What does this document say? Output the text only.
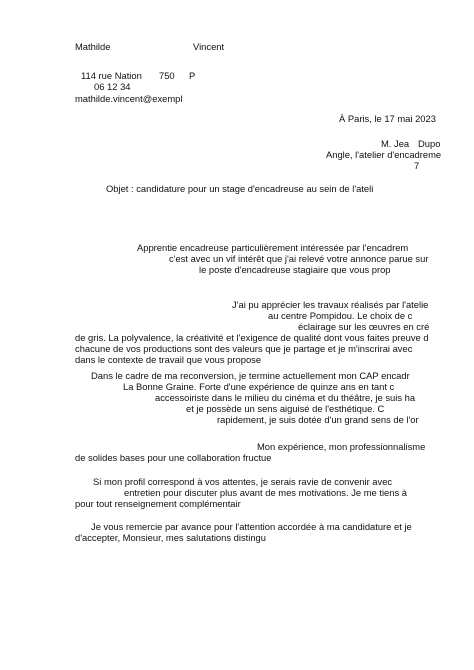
Mathilde	Vincent

114 rue Nation 750 P

06 12 34

mathilde.vincent@exempl

À Paris, le 17 mai 2023

M. Jea Dupo

Angle, l'atelier d'encadreme

7

Objet : candidature pour un stage d'encadreuse au sein de l'ateli

Apprentie encadreuse particulièrement intéressée par l'encadrem

c'est avec un vif intérêt que j'ai relevé votre annonce parue sur

le poste d'encadreuse stagiaire que vous prop

J'ai pu apprécier les travaux réalisés par l'atelie

au centre Pompidou. Le choix de c

éclairage sur les œuvres en cré

de gris. La polyvalence, la créativité et l'exigence de qualité dont vous faites preuve d

chacune de vos productions sont des valeurs que je partage et je m'inscrirai avec

dans le contexte de travail que vous propose

Dans le cadre de ma reconversion, je termine actuellement mon CAP encadr

La Bonne Graine. Forte d'une expérience de quinze ans en tant c

accessoiriste dans le milieu du cinéma et du théâtre, je suis ha

et je possède un sens aiguisé de l'esthétique. C

rapidement, je suis dotée d'un grand sens de l'or

Mon expérience, mon professionnalisme

de solides bases pour une collaboration fructue

Si mon profil correspond à vos attentes, je serais ravie de convenir avec

entretien pour discuter plus avant de mes motivations. Je me tiens à

pour tout renseignement complémentair

Je vous remercie par avance pour l'attention accordée à ma candidature et je

d'accepter, Monsieur, mes salutations distingu
